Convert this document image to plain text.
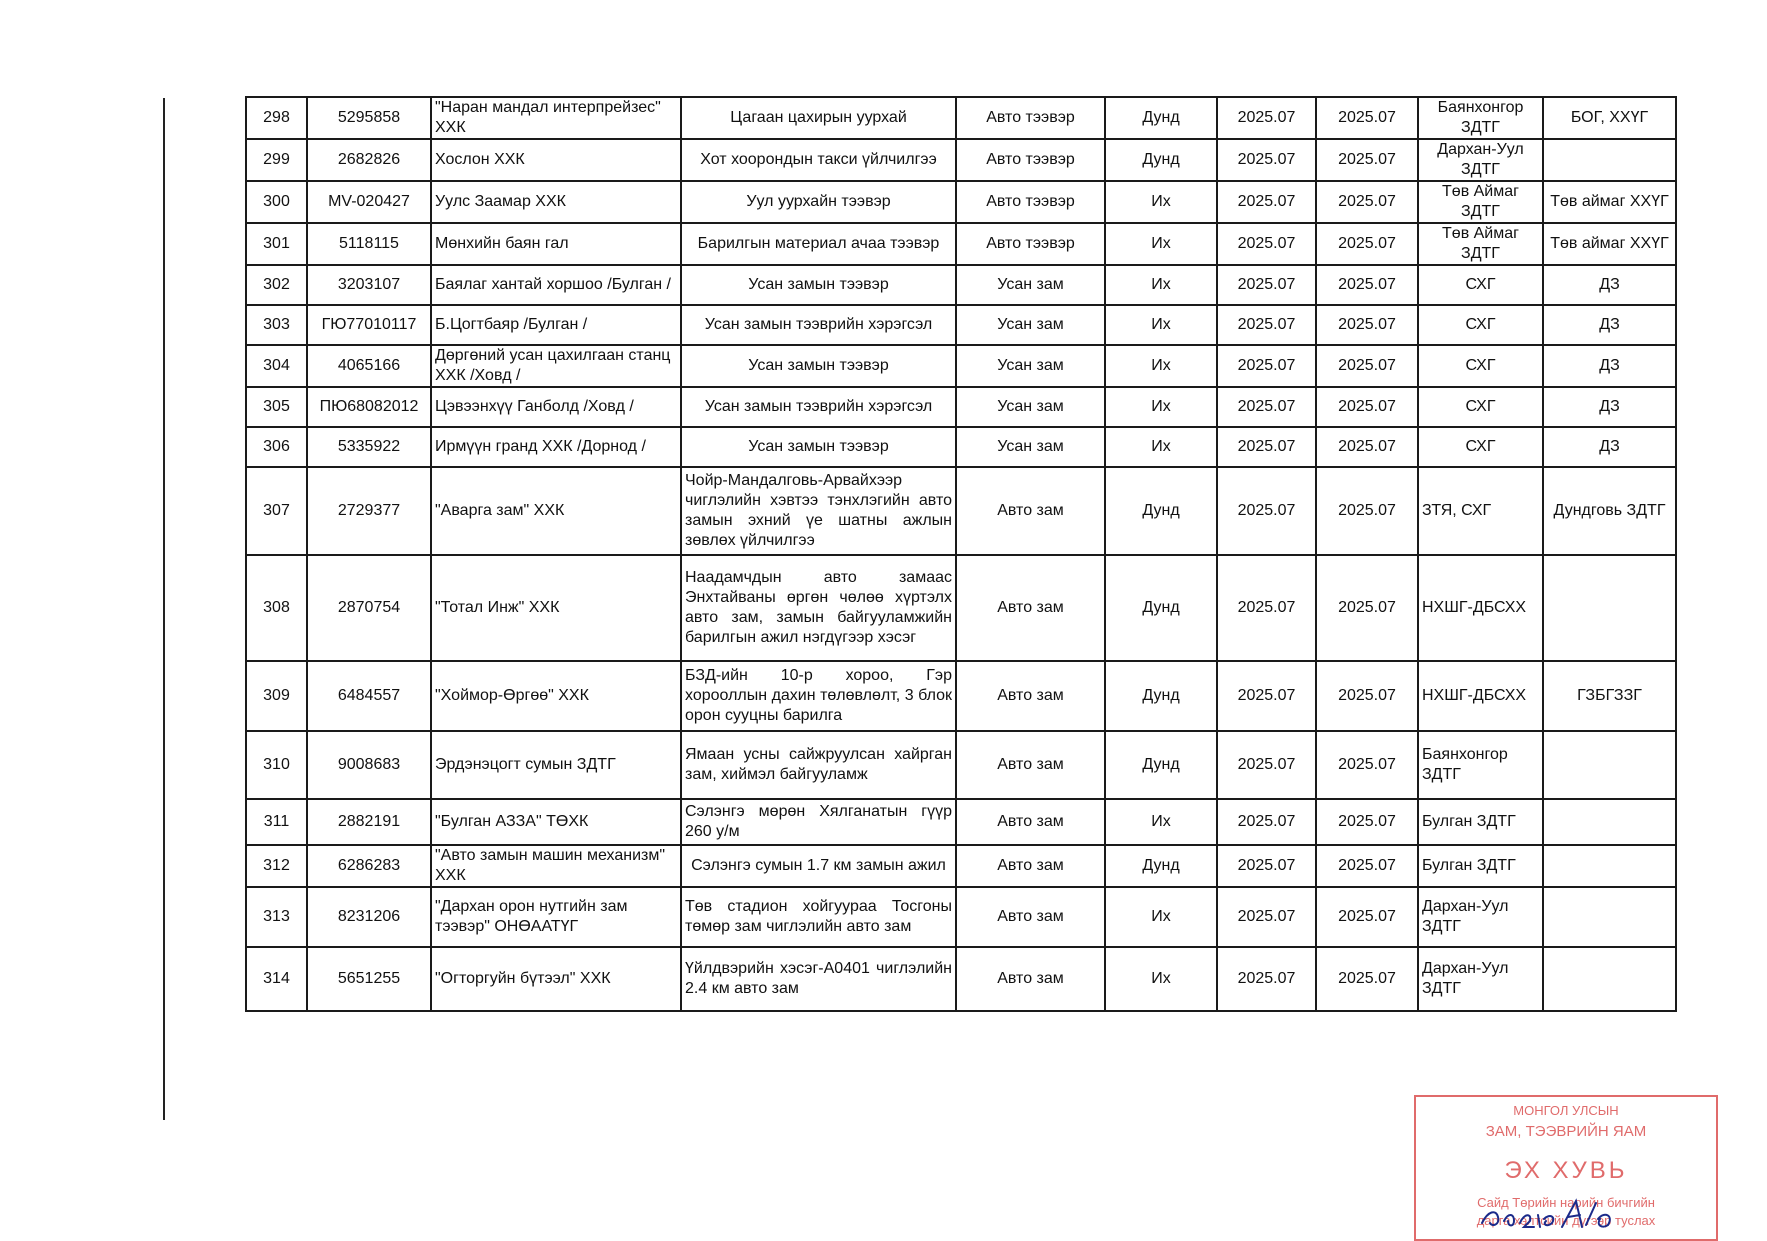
298	5295858	"Наран мандал интерпрейзес" ХХК	Цагаан цахирын уурхай	Авто тээвэр	Дунд	2025.07	2025.07	Баянхонгор ЗДТГ	БОГ, ХХҮГ
299	2682826	Хослон ХХК	Хот хоорондын такси үйлчилгээ	Авто тээвэр	Дунд	2025.07	2025.07	Дархан-Уул ЗДТГ	
300	MV-020427	Уулс Заамар ХХК	Уул уурхайн тээвэр	Авто тээвэр	Их	2025.07	2025.07	Төв Аймаг ЗДТГ	Төв аймаг ХХҮГ
301	5118115	Мөнхийн баян гал	Барилгын материал ачаа тээвэр	Авто тээвэр	Их	2025.07	2025.07	Төв Аймаг ЗДТГ	Төв аймаг ХХҮГ
302	3203107	Баялаг хантай хоршоо /Булган /	Усан замын тээвэр	Усан зам	Их	2025.07	2025.07	СХГ	ДЗ
303	ГЮ77010117	Б.Цогтбаяр /Булган /	Усан замын тээврийн хэрэгсэл	Усан зам	Их	2025.07	2025.07	СХГ	ДЗ
304	4065166	Дөргөний усан цахилгаан станц ХХК /Ховд /	Усан замын тээвэр	Усан зам	Их	2025.07	2025.07	СХГ	ДЗ
305	ПЮ68082012	Цэвээнхүү Ганболд /Ховд /	Усан замын тээврийн хэрэгсэл	Усан зам	Их	2025.07	2025.07	СХГ	ДЗ
306	5335922	Ирмүүн гранд ХХК /Дорнод /	Усан замын тээвэр	Усан зам	Их	2025.07	2025.07	СХГ	ДЗ
307	2729377	"Аварга зам" ХХК	Чойр-Мандалговь-Арвайхээр чиглэлийн хэвтээ тэнхлэгийн авто замын эхний үе шатны ажлын зөвлөх үйлчилгээ	Авто зам	Дунд	2025.07	2025.07	ЗТЯ, СХГ	Дундговь ЗДТГ
308	2870754	"Тотал Инж" ХХК	Наадамчдын авто замаас Энхтайваны өргөн чөлөө хүртэлх авто зам, замын байгууламжийн барилгын ажил нэгдүгээр хэсэг	Авто зам	Дунд	2025.07	2025.07	НХШГ-ДБСХХ	
309	6484557	"Хоймор-Өргөө" ХХК	БЗД-ийн 10-р хороо, Гэр хорооллын дахин төлөвлөлт, 3 блок орон сууцны барилга	Авто зам	Дунд	2025.07	2025.07	НХШГ-ДБСХХ	ГЗБГЗЗГ
310	9008683	Эрдэнэцогт сумын ЗДТГ	Ямаан усны сайжруулсан хайрган зам, хиймэл байгууламж	Авто зам	Дунд	2025.07	2025.07	Баянхонгор ЗДТГ	
311	2882191	"Булган АЗЗА" ТӨХК	Сэлэнгэ мөрөн Хялганатын гүүр 260 у/м	Авто зам	Их	2025.07	2025.07	Булган ЗДТГ	
312	6286283	"Авто замын машин механизм" ХХК	Сэлэнгэ сумын 1.7 км замын ажил	Авто зам	Дунд	2025.07	2025.07	Булган ЗДТГ	
313	8231206	"Дархан орон нутгийн зам тээвэр" ОНӨААТҮГ	Төв стадион хойгуураа Тосгоны төмөр зам чиглэлийн авто зам	Авто зам	Их	2025.07	2025.07	Дархан-Уул ЗДТГ	
314	5651255	"Огторгуйн бүтээл" ХХК	Үйлдвэрийн хэсэг-А0401 чиглэлийн 2.4 км авто зам	Авто зам	Их	2025.07	2025.07	Дархан-Уул ЗДТГ	
МОНГОЛ УЛСЫН
ЗАМ, ТЭЭВРИЙН ЯАМ
ЭХ ХУВЬ
Сайд Төрийн нарийн бичгийн
дарга хэлтсийн дүгээр туслах
